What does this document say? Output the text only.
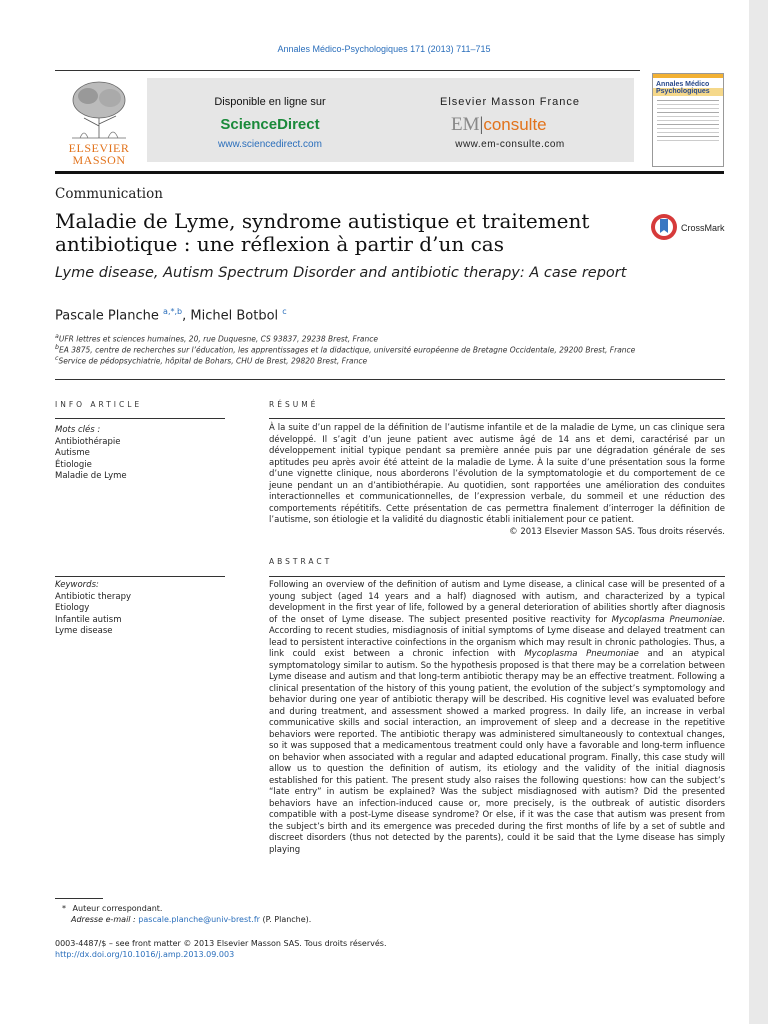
Annales Médico-Psychologiques 171 (2013) 711–715
ELSEVIER
MASSON
Disponible en ligne sur
ScienceDirect
www.sciencedirect.com
Elsevier Masson France
EM|consulte
www.em-consulte.com
Annales Médico
Psychologiques
Communication
Maladie de Lyme, syndrome autistique et traitement antibiotique : une réflexion à partir d’un cas
CrossMark
Lyme disease, Autism Spectrum Disorder and antibiotic therapy: A case report
Pascale Planche $^{a,*,b}$, Michel Botbol $^c$
$^a$UFR lettres et sciences humaines, 20, rue Duquesne, CS 93837, 29238 Brest, France
$^b$EA 3875, centre de recherches sur l’éducation, les apprentissages et la didactique, université européenne de Bretagne Occidentale, 29200 Brest, France
$^c$Service de pédopsychiatrie, hôpital de Bohars, CHU de Brest, 29820 Brest, France
INFO ARTICLE	RÉSUMÉ
Mots clés :
Antibiothérapie
Autisme
Étiologie
Maladie de Lyme

À la suite d’un rappel de la définition de l’autisme infantile et de la maladie de Lyme, un cas clinique sera développé. Il s’agit d’un jeune patient avec autisme âgé de 14 ans et demi, caractérisé par un développement initial typique pendant sa première année puis par une dégradation générale de ses aptitudes peu après avoir été atteint de la maladie de Lyme. À la suite d’une présentation sous la forme d’une vignette clinique, nous aborderons l’évolution de la symptomatologie et du comportement de ce jeune pendant un an d’antibiothérapie. Au quotidien, sont rapportées une amélioration des conduites interactionnelles et communicationnelles, de l’expression verbale, du sommeil et une réduction des comportements répétitifs. Cette présentation de cas permettra finalement d’interroger la définition de l’autisme, son étiologie et la validité du diagnostic établi initialement pour ce patient.

© 2013 Elsevier Masson SAS. Tous droits réservés.

ABSTRACT
Keywords:
Antibiotic therapy
Etiology
Infantile autism
Lyme disease

Following an overview of the definition of autism and Lyme disease, a clinical case will be presented of a young subject (aged 14 years and a half) diagnosed with autism, and characterized by a typical development in the first year of life, followed by a general deterioration of abilities shortly after diagnosis of the onset of Lyme disease. The subject presented positive reactivity for Mycoplasma Pneumoniae. According to recent studies, misdiagnosis of initial symptoms of Lyme disease and delayed treatment can lead to persistent interactive coinfections in the organism which may result in chronic pathologies. Thus, a link could exist between a chronic infection with Mycoplasma Pneumoniae and an atypical symptomatology similar to autism. So the hypothesis proposed is that there may be a correlation between Lyme disease and autism and that long-term antibiotic therapy may be an effective treatment. Following a clinical presentation of the history of this young patient, the evolution of the subject’s symptomology and behavior during one year of antibiotic therapy will be described. His cognitive level was evaluated before and during treatment, and assessment showed a marked progress. In daily life, an increase in verbal communicative skills and social interaction, an improvement of sleep and a decrease in the repetitive behaviors were reported. The antibiotic therapy was administered simultaneously to contextual changes, so it was supposed that a medicamentous treatment could only have a favorable and long-term influence on behavior when associated with a regular and adapted educational program. Finally, this case study will allow us to question the definition of autism, its etiology and the validity of the initial diagnosis established for this patient. The present study also raises the following questions: how can the subject’s “late entry” in autism be explained? Was the subject misdiagnosed with autism? Did the presented behaviors have an infection-induced cause or, more precisely, is the outbreak of autistic disorders compatible with a post-Lyme disease syndrome? Or else, if it was the case that autism was present from the subject’s birth and its emergence was preceded during the first months of life by a set of subtle and discreet disorders (thus not detected by the parents), could it be said that the Lyme disease has simply playing

* Auteur correspondant.
Adresse e-mail : pascale.planche@univ-brest.fr (P. Planche).
0003-4487/$ – see front matter © 2013 Elsevier Masson SAS. Tous droits réservés.
http://dx.doi.org/10.1016/j.amp.2013.09.003
